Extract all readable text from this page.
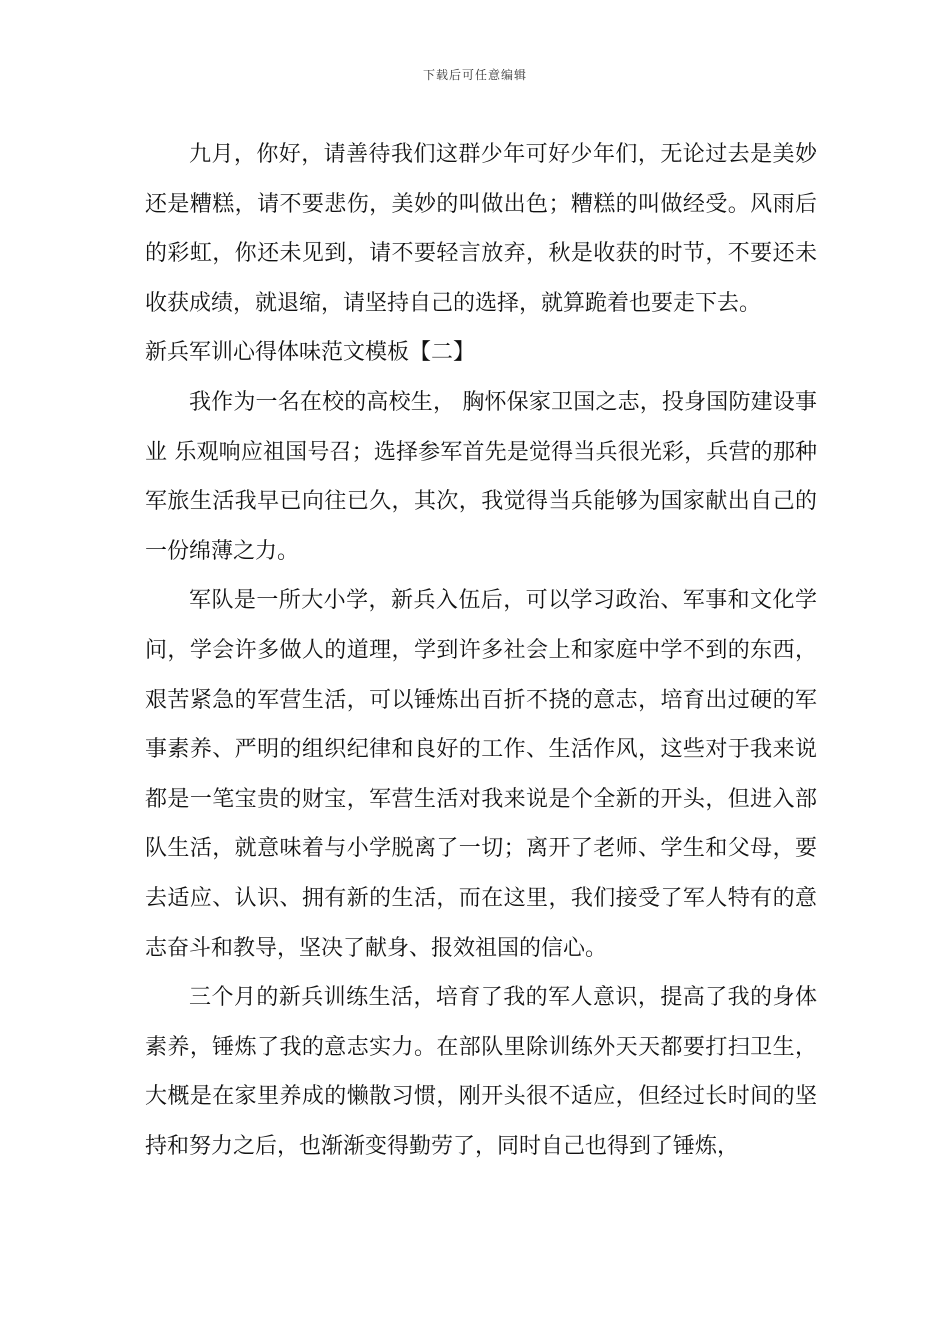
下载后可任意编辑

九月，你好，请善待我们这群少年可好少年们，无论过去是美妙还是糟糕，请不要悲伤，美妙的叫做出色；糟糕的叫做经受。风雨后的彩虹，你还未见到，请不要轻言放弃，秋是收获的时节，不要还未收获成绩，就退缩，请坚持自己的选择，就算跪着也要走下去。

新兵军训心得体味范文模板【二】

我作为一名在校的高校生， 胸怀保家卫国之志，投身国防建设事业 乐观响应祖国号召；选择参军首先是觉得当兵很光彩，兵营的那种军旅生活我早已向往已久，其次，我觉得当兵能够为国家献出自己的一份绵薄之力。

军队是一所大小学，新兵入伍后，可以学习政治、军事和文化学问，学会许多做人的道理，学到许多社会上和家庭中学不到的东西，艰苦紧急的军营生活，可以锤炼出百折不挠的意志，培育出过硬的军事素养、严明的组织纪律和良好的工作、生活作风，这些对于我来说都是一笔宝贵的财宝，军营生活对我来说是个全新的开头，但进入部队生活，就意味着与小学脱离了一切；离开了老师、学生和父母，要去适应、认识、拥有新的生活，而在这里，我们接受了军人特有的意志奋斗和教导，坚决了献身、报效祖国的信心。

三个月的新兵训练生活，培育了我的军人意识，提高了我的身体素养，锤炼了我的意志实力。在部队里除训练外天天都要打扫卫生，大概是在家里养成的懒散习惯，刚开头很不适应，但经过长时间的坚持和努力之后，也渐渐变得勤劳了，同时自己也得到了锤炼，
